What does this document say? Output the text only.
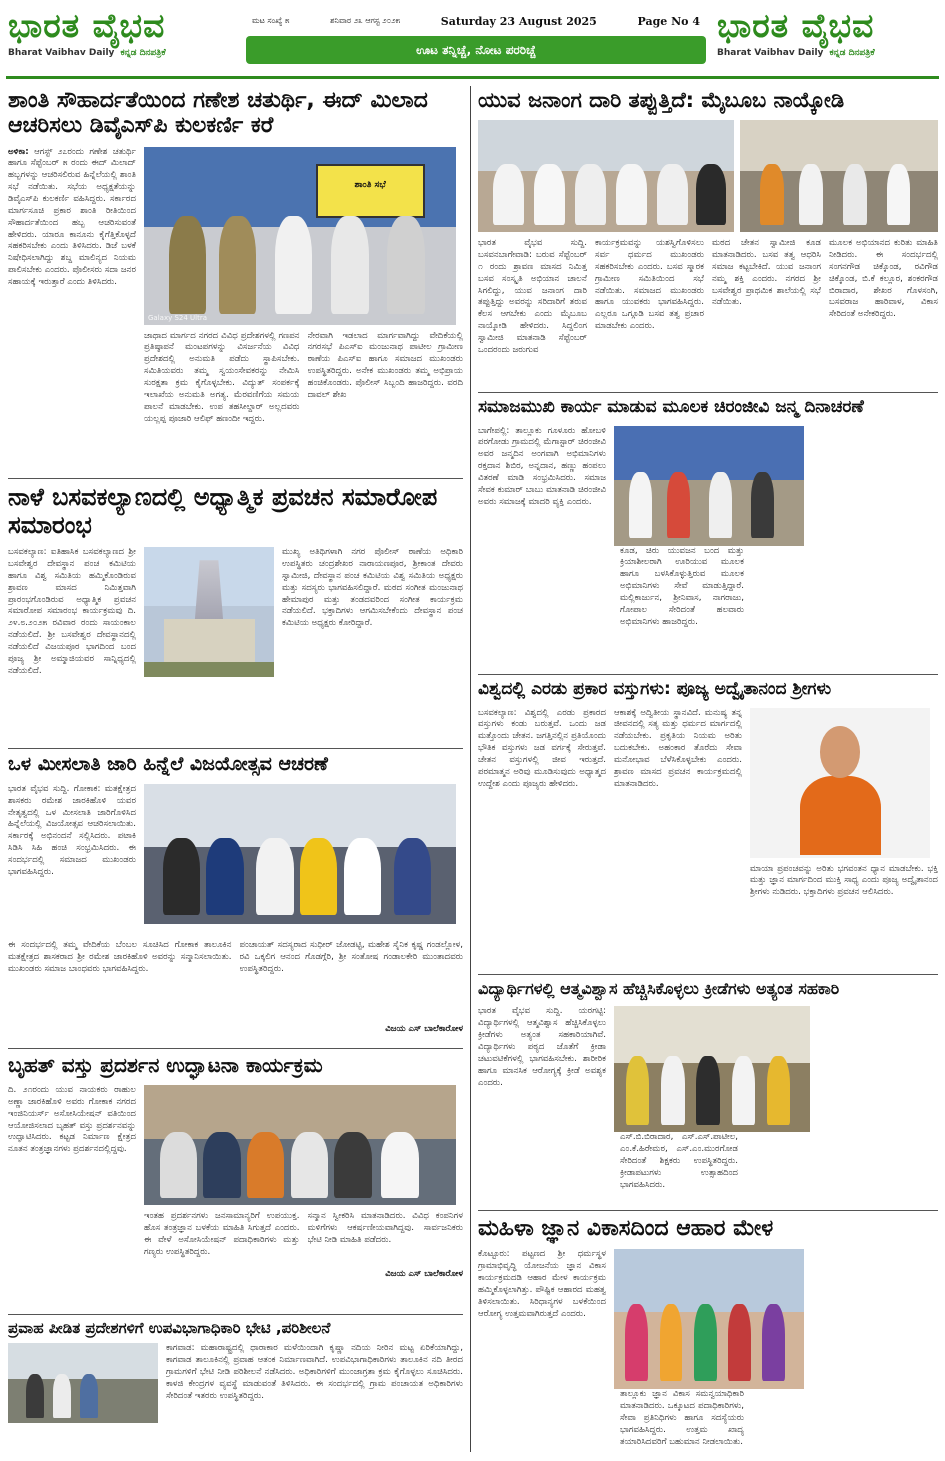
ಭಾರತ ವೈಭವ
Bharat Vaibhav Daily ಕನ್ನಡ ದಿನಪತ್ರಿಕೆ
ಮಟ ಸಂಖ್ಯೆ ೫	ಶನಿವಾರ ೨೩ ಆಗಸ್ಟ ೨೦೨೫	Saturday 23 August 2025	Page No 4
ಊಟ ತನ್ನಿಚ್ಚೆ, ನೋಟ ಪರರಿಚ್ಚೆ
ಭಾರತ ವೈಭವ
Bharat Vaibhav Daily ಕನ್ನಡ ದಿನಪತ್ರಿಕೆ
ಶಾಂತಿ ಸೌಹಾರ್ದತೆಯಿಂದ ಗಣೇಶ ಚತುರ್ಥಿ, ಈದ್ ಮಿಲಾದ ಆಚರಿಸಲು ಡಿವೈಎಸ್‌ಪಿ ಕುಲಕರ್ಣಿ ಕರೆ
ಅಳಿಕಾ: ಆಗಸ್ಟ್ ೨೭ರಂದು ಗಣೇಶ ಚತುರ್ಥಿ ಹಾಗೂ ಸೆಪ್ಟೆಂಬರ್ ೫ ರಂದು ಈದ್ ಮಿಲಾದ್ ಹಬ್ಬಗಳನ್ನು ಆಚರಿಸಲಿರುವ ಹಿನ್ನೆಲೆಯಲ್ಲಿ ಶಾಂತಿ ಸಭೆ ನಡೆಯಿತು. ಸಭೆಯ ಅಧ್ಯಕ್ಷತೆಯನ್ನು ಡಿವೈಎಸ್‌ಪಿ ಕುಲಕರ್ಣಿ ವಹಿಸಿದ್ದರು. ಸರ್ಕಾರದ ಮಾರ್ಗಸೂಚಿ ಪ್ರಕಾರ ಶಾಂತಿ ರೀತಿಯಿಂದ ಸೌಹಾರ್ದತೆಯಿಂದ ಹಬ್ಬ ಆಚರಿಸುವಂತೆ ಹೇಳಿದರು. ಯಾರೂ ಕಾನೂನು ಕೈಗೆತ್ತಿಕೊಳ್ಳದೆ ಸಹಕರಿಸಬೇಕು ಎಂದು ತಿಳಿಸಿದರು. ಡಿಜೆ ಬಳಕೆ ನಿಷೇಧಿಸಲಾಗಿದ್ದು ಶಬ್ದ ಮಾಲಿನ್ಯದ ನಿಯಮ ಪಾಲಿಸಬೇಕು ಎಂದರು. ಪೊಲೀಸರು ಸದಾ ಜನರ ಸಹಾಯಕ್ಕೆ ಇರುತ್ತಾರೆ ಎಂದು ತಿಳಿಸಿದರು.
ಶಾಂತಿ ಸಭೆ
Galaxy S24 Ultra
ಜಾಥಾದ ಮಾರ್ಗದ ನಗರದ ವಿವಿಧ ಪ್ರದೇಶಗಳಲ್ಲಿ ಗಣಪನ ಪ್ರತಿಷ್ಠಾಪನೆ ಮಂಟಪಗಳನ್ನು ವಿಸರ್ಜನೆಯ ವಿವಿಧ ಪ್ರದೇಶದಲ್ಲಿ ಅನುಮತಿ ಪಡೆದು ಸ್ಥಾಪಿಸಬೇಕು. ಸಮಿತಿಯವರು ತಮ್ಮ ಸ್ವಯಂಸೇವಕರನ್ನು ನೇಮಿಸಿ ಸುರಕ್ಷತಾ ಕ್ರಮ ಕೈಗೊಳ್ಳಬೇಕು. ವಿದ್ಯುತ್ ಸಂಪರ್ಕಕ್ಕೆ ಇಲಾಖೆಯ ಅನುಮತಿ ಅಗತ್ಯ. ಮೆರವಣಿಗೆಯ ಸಮಯ ಪಾಲನೆ ಮಾಡಬೇಕು. ಉಪ ತಹಸೀಲ್ದಾರ್ ಅಲ್ಲದವರು ಯಲ್ಲಪ್ಪ ಪೂಜಾರಿ ಆಲಿಫ್ ಹಣಂದೀ ಇದ್ದರು.
ನೇರವಾಗಿ ಇಡಲಾದ ಮಾರ್ಗವಾಗಿದ್ದು ವೇದಿಕೆಯಲ್ಲಿ ನಗರಸಭೆ ಪಿಎಸ್‌ಐ ಮಂಜುನಾಥ ಪಾಟೀಲ ಗ್ರಾಮೀಣ ಠಾಣೆಯ ಪಿಎಸ್‌ಐ ಹಾಗೂ ಸಮಾಜದ ಮುಖಂಡರು ಉಪಸ್ಥಿತರಿದ್ದರು. ಅನೇಕ ಮುಖಂಡರು ತಮ್ಮ ಅಭಿಪ್ರಾಯ ಹಂಚಿಕೊಂಡರು. ಪೊಲೀಸ್ ಸಿಬ್ಬಂದಿ ಹಾಜರಿದ್ದರು. ವರದಿ ದಾವಲ್ ಶೇಖ
ನಾಳೆ ಬಸವಕಲ್ಯಾಣದಲ್ಲಿ ಅಧ್ಯಾತ್ಮಿಕ ಪ್ರವಚನ ಸಮಾರೋಪ ಸಮಾರಂಭ
ಬಸವಕಲ್ಯಾಣ: ಐತಿಹಾಸಿಕ ಬಸವಕಲ್ಯಾಣದ ಶ್ರೀ ಬಸವೇಶ್ವರ ದೇವಸ್ಥಾನ ಪಂಚ ಕಮಿಟಿಯ ಹಾಗೂ ವಿಶ್ವ ಸಮಿತಿಯ ಹಮ್ಮಿಕೊಂಡಿರುವ ಶ್ರಾವಣ ಮಾಸದ ನಿಮಿತ್ತವಾಗಿ ಪ್ರಾರಂಭಗೊಂಡಿರುವ ಅಧ್ಯಾತ್ಮಿಕ ಪ್ರವಚನ ಸಮಾರೋಪ ಸಮಾರಂಭ ಕಾರ್ಯಕ್ರಮವು ದಿ. ೨೪.೮.೨೦೨೫ ರವಿವಾರ ರಂದು ಸಾಯಂಕಾಲ ನಡೆಯಲಿದೆ. ಶ್ರೀ ಬಸವೇಶ್ವರ ದೇವಸ್ಥಾನದಲ್ಲಿ ನಡೆಯಲಿದೆ ವಿಜಯಪೂರ ಭಾಗದಿಂದ ಬಂದ ಪೂಜ್ಯ ಶ್ರೀ ಅಮ್ಮಾಜಿಯವರ ಸಾನ್ನಿಧ್ಯದಲ್ಲಿ ನಡೆಯಲಿದೆ.
ಮುಖ್ಯ ಅತಿಥಿಗಳಾಗಿ ನಗರ ಪೊಲೀಸ್ ಠಾಣೆಯ ಅಧಿಕಾರಿ ಉಪಸ್ಥಿತರು ಚಂದ್ರಶೇಖರ ನಾರಾಯಣಪೂರ, ಶ್ರೀಕಾಂತ ದೇವರು ಸ್ವಾಮೀಜಿ, ದೇವಸ್ಥಾನ ಪಂಚ ಕಮಿಟಿಯ ವಿಶ್ವ ಸಮಿತಿಯ ಅಧ್ಯಕ್ಷರು ಮತ್ತು ಸದಸ್ಯರು ಭಾಗವಹಿಸಲಿದ್ದಾರೆ. ಮಠದ ಸಂಗೀತ ಮಂಜುನಾಥ ಹೇಮಾಪುರ ಮತ್ತು ತಂಡದವರಿಂದ ಸಂಗೀತ ಕಾರ್ಯಕ್ರಮ ನಡೆಯಲಿದೆ. ಭಕ್ತಾದಿಗಳು ಆಗಮಿಸಬೇಕೆಂದು ದೇವಸ್ಥಾನ ಪಂಚ ಕಮಿಟಿಯ ಅಧ್ಯಕ್ಷರು ಕೋರಿದ್ದಾರೆ.
ಒಳ ಮೀಸಲಾತಿ ಜಾರಿ ಹಿನ್ನೆಲೆ ವಿಜಯೋತ್ಸವ ಆಚರಣೆ
ಭಾರತ ವೈಭವ ಸುದ್ದಿ. ಗೋಕಾಕ: ಮತಕ್ಷೇತ್ರದ ಶಾಸಕರು ರಮೇಶ ಜಾರಕಿಹೊಳಿ ಯವರ ನೇತೃತ್ವದಲ್ಲಿ ಒಳ ಮೀಸಲಾತಿ ಜಾರಿಗೊಳಿಸಿದ ಹಿನ್ನೆಲೆಯಲ್ಲಿ ವಿಜಯೋತ್ಸವ ಆಚರಿಸಲಾಯಿತು. ಸರ್ಕಾರಕ್ಕೆ ಅಭಿನಂದನೆ ಸಲ್ಲಿಸಿದರು. ಪಟಾಕಿ ಸಿಡಿಸಿ ಸಿಹಿ ಹಂಚಿ ಸಂಭ್ರಮಿಸಿದರು. ಈ ಸಂದರ್ಭದಲ್ಲಿ ಸಮಾಜದ ಮುಖಂಡರು ಭಾಗವಹಿಸಿದ್ದರು.
ಈ ಸಂದರ್ಭದಲ್ಲಿ ತಮ್ಮ ವೇದಿಕೆಯ ಬೆಂಬಲ ಸೂಚಿಸಿದ ಗೋಕಾಕ ತಾಲೂಕಿನ ಮತಕ್ಷೇತ್ರದ ಶಾಸಕರಾದ ಶ್ರೀ ರಮೇಶ ಜಾರಕಿಹೊಳಿ ಅವರನ್ನು ಸನ್ಮಾನಿಸಲಾಯಿತು. ಮುಖಂಡರು ಸಮಾಜ ಬಾಂಧವರು ಭಾಗವಹಿಸಿದ್ದರು.
ಪಂಚಾಯತ್ ಸದಸ್ಯರಾದ ಸುಧೀರ್ ಜೋಡಟ್ಟಿ, ಮಹೇಶ ಸೈನಿಕ ಕೃಷ್ಣ ಗಂಡಲ್ಲೋಳ, ರವಿ ಒಕ್ಕಲಿಗ ಆನಂದ ಗೊಡಗ್ಗೆರಿ, ಶ್ರೀ ಸಂತೋಷ ಗಂಡಾಲಕೇರಿ ಮುಂತಾದವರು ಉಪಸ್ಥಿತರಿದ್ದರು.
ವಿಜಯ ಎಸ್ ಬಾಲೆಕಾರೋಳ
ಬೃಹತ್ ವಸ್ತು ಪ್ರದರ್ಶನ ಉದ್ಘಾಟನಾ ಕಾರ್ಯಕ್ರಮ
ದಿ. ೨೧ರಂದು ಯುವ ನಾಯಕರು ರಾಹುಲ ಅಣ್ಣಾ ಜಾರಕಿಹೊಳಿ ಅವರು ಗೋಕಾಕ ನಗರದ ಇಂಜಿನಿಯರ್ಸ್ ಅಸೋಸಿಯೇಷನ್ ವತಿಯಿಂದ ಆಯೋಜಿಸಲಾದ ಬೃಹತ್ ವಸ್ತು ಪ್ರದರ್ಶನವನ್ನು ಉದ್ಘಾಟಿಸಿದರು. ಕಟ್ಟಡ ನಿರ್ಮಾಣ ಕ್ಷೇತ್ರದ ನೂತನ ತಂತ್ರಜ್ಞಾನಗಳು ಪ್ರದರ್ಶನದಲ್ಲಿದ್ದವು.
ಇಂತಹ ಪ್ರದರ್ಶನಗಳು ಜನಸಾಮಾನ್ಯರಿಗೆ ಉಪಯುಕ್ತ. ಹೊಸ ತಂತ್ರಜ್ಞಾನ ಬಳಕೆಯ ಮಾಹಿತಿ ಸಿಗುತ್ತದೆ ಎಂದರು. ಈ ವೇಳೆ ಅಸೋಸಿಯೇಷನ್ ಪದಾಧಿಕಾರಿಗಳು ಮತ್ತು ಗಣ್ಯರು ಉಪಸ್ಥಿತರಿದ್ದರು.
ಸನ್ಮಾನ ಸ್ವೀಕರಿಸಿ ಮಾತನಾಡಿದರು. ವಿವಿಧ ಕಂಪನಿಗಳ ಮಳಿಗೆಗಳು ಆಕರ್ಷಣೀಯವಾಗಿದ್ದವು. ಸಾರ್ವಜನಿಕರು ಭೇಟಿ ನೀಡಿ ಮಾಹಿತಿ ಪಡೆದರು.
ವಿಜಯ ಎಸ್ ಬಾಲೆಕಾರೋಳ
ಪ್ರವಾಹ ಪೀಡಿತ ಪ್ರದೇಶಗಳಿಗೆ ಉಪವಿಭಾಗಾಧಿಕಾರಿ ಭೇಟಿ ,ಪರಿಶೀಲನೆ
ಕಾಗವಾಡ: ಮಹಾರಾಷ್ಟ್ರದಲ್ಲಿ ಧಾರಾಕಾರ ಮಳೆಯಿಂದಾಗಿ ಕೃಷ್ಣಾ ನದಿಯ ನೀರಿನ ಮಟ್ಟ ಏರಿಕೆಯಾಗಿದ್ದು, ಕಾಗವಾಡ ತಾಲೂಕಿನಲ್ಲಿ ಪ್ರವಾಹ ಆತಂಕ ನಿರ್ಮಾಣವಾಗಿದೆ. ಉಪವಿಭಾಗಾಧಿಕಾರಿಗಳು ತಾಲೂಕಿನ ನದಿ ತೀರದ ಗ್ರಾಮಗಳಿಗೆ ಭೇಟಿ ನೀಡಿ ಪರಿಶೀಲನೆ ನಡೆಸಿದರು. ಅಧಿಕಾರಿಗಳಿಗೆ ಮುಂಜಾಗ್ರತಾ ಕ್ರಮ ಕೈಗೊಳ್ಳಲು ಸೂಚಿಸಿದರು. ಕಾಳಜಿ ಕೇಂದ್ರಗಳ ವ್ಯವಸ್ಥೆ ಮಾಡುವಂತೆ ತಿಳಿಸಿದರು. ಈ ಸಂದರ್ಭದಲ್ಲಿ ಗ್ರಾಮ ಪಂಚಾಯತ ಅಧಿಕಾರಿಗಳು ಸೇರಿದಂತೆ ಇತರರು ಉಪಸ್ಥಿತರಿದ್ದರು.
ಯುವ ಜನಾಂಗ ದಾರಿ ತಪ್ಪುತ್ತಿದೆ: ಮೈಬೂಬ ನಾಯ್ಕೋಡಿ
ಭಾರತ ವೈಭವ ಸುದ್ದಿ. ಬಸವನಬಾಗೇವಾಡಿ: ಬರುವ ಸೆಪ್ಟೆಂಬರ್ ೧ ರಂದು ಶ್ರಾವಣ ಮಾಸದ ನಿಮಿತ್ತ ಬಸವ ಸಂಸ್ಕೃತಿ ಅಭಿಯಾನ ಚಾಲನೆ ಸಿಗಲಿದ್ದು, ಯುವ ಜನಾಂಗ ದಾರಿ ತಪ್ಪುತ್ತಿದ್ದು ಅವರನ್ನು ಸರಿದಾರಿಗೆ ತರುವ ಕೆಲಸ ಆಗಬೇಕು ಎಂದು ಮೈಬೂಬ ನಾಯ್ಕೋಡಿ ಹೇಳಿದರು. ಸಿದ್ದಲಿಂಗ ಸ್ವಾಮೀಜಿ ಮಾತನಾಡಿ ಸೆಪ್ಟೆಂಬರ್ ಒಂದರಂದು ಜರುಗುವ
ಕಾರ್ಯಕ್ರಮವನ್ನು ಯಶಸ್ವಿಗೊಳಿಸಲು ಸರ್ವ ಧರ್ಮದ ಮುಖಂಡರು ಸಹಕರಿಸಬೇಕು ಎಂದರು. ಬಸವ ಸ್ಮಾರಕ ಗ್ರಾಮೀಣ ಸಮಿತಿಯಿಂದ ಸಭೆ ನಡೆಯಿತು. ಸಮಾಜದ ಮುಖಂಡರು ಹಾಗೂ ಯುವಕರು ಭಾಗವಹಿಸಿದ್ದರು. ಎಲ್ಲರೂ ಒಗ್ಗೂಡಿ ಬಸವ ತತ್ವ ಪ್ರಚಾರ ಮಾಡಬೇಕು ಎಂದರು.
ಮಠದ ಚೇತನ ಸ್ವಾಮೀಜಿ ಕೂಡ ಮಾತನಾಡಿದರು. ಬಸವ ತತ್ವ ಆಧರಿಸಿ ಸಮಾಜ ಕಟ್ಟಬೇಕಿದೆ. ಯುವ ಜನಾಂಗ ನಮ್ಮ ಶಕ್ತಿ ಎಂದರು. ನಗರದ ಶ್ರೀ ಬಸವೇಶ್ವರ ಪ್ರಾಥಮಿಕ ಶಾಲೆಯಲ್ಲಿ ಸಭೆ ನಡೆಯಿತು.
ಮೂಲಕ ಅಭಿಯಾನದ ಕುರಿತು ಮಾಹಿತಿ ನೀಡಿದರು. ಈ ಸಂದರ್ಭದಲ್ಲಿ ಸಂಗನಗೌಡ ಚಿಕ್ಕೊಂಡ, ರವಿಗೌಡ ಚಿಕ್ಕೊಂಡ, ಬಿ.ಕೆ ಕಲ್ಲೂರ, ಶಂಕರಗೌಡ ಬಿರಾದಾರ, ಶೇಖರ ಗೊಳಸಂಗಿ, ಬಸವರಾಜ ಹಾರಿವಾಳ, ವಿಕಾಸ ಸೇರಿದಂತೆ ಅನೇಕರಿದ್ದರು.
ಸಮಾಜಮುಖಿ ಕಾರ್ಯ ಮಾಡುವ ಮೂಲಕ ಚಿರಂಜೀವಿ ಜನ್ಮ ದಿನಾಚರಣೆ
ಬಾಗೇಪಲ್ಲಿ: ತಾಲ್ಲೂಕು ಗೂಳೂರು ಹೋಬಳಿ ಪರಗೋಡು ಗ್ರಾಮದಲ್ಲಿ ಮೆಗಾಸ್ಟಾರ್ ಚಿರಂಜೀವಿ ಅವರ ಜನ್ಮದಿನ ಅಂಗವಾಗಿ ಅಭಿಮಾನಿಗಳು ರಕ್ತದಾನ ಶಿಬಿರ, ಅನ್ನದಾನ, ಹಣ್ಣು ಹಂಪಲು ವಿತರಣೆ ಮಾಡಿ ಸಂಭ್ರಮಿಸಿದರು. ಸಮಾಜ ಸೇವಕ ಕುಮಾರ್ ಬಾಬು ಮಾತನಾಡಿ ಚಿರಂಜೀವಿ ಅವರು ಸಮಾಜಕ್ಕೆ ಮಾದರಿ ವ್ಯಕ್ತಿ ಎಂದರು.
ಕೂಡ, ಚಿರು ಯುವಜನ ಬಂದ ಮತ್ತು ಕ್ರಿಯಾಶೀಲರಾಗಿ ಊರಿಯುವ ಮೂಲಕ ಹಾಗೂ ಬಳಸಿಕೊಳ್ಳುತ್ತಿರುವ ಮೂಲಕ ಅಭಿಮಾನಿಗಳು ಸೇವೆ ಮಾಡುತ್ತಿದ್ದಾರೆ. ಮಲ್ಲಿಕಾರ್ಜುನ, ಶ್ರೀನಿವಾಸ, ನಾಗರಾಜು, ಗೋಪಾಲ ಸೇರಿದಂತೆ ಹಲವಾರು ಅಭಿಮಾನಿಗಳು ಹಾಜರಿದ್ದರು.
ವಿಶ್ವದಲ್ಲಿ ಎರಡು ಪ್ರಕಾರ ವಸ್ತುಗಳು: ಪೂಜ್ಯ ಅದ್ವೈತಾನಂದ ಶ್ರೀಗಳು
ಬಸವಕಲ್ಯಾಣ: ವಿಶ್ವದಲ್ಲಿ ಎರಡು ಪ್ರಕಾರದ ವಸ್ತುಗಳು ಕಂಡು ಬರುತ್ತವೆ. ಒಂದು ಜಡ ಮತ್ತೊಂದು ಚೇತನ. ಜಗತ್ತಿನಲ್ಲಿನ ಪ್ರತಿಯೊಂದು ಭೌತಿಕ ವಸ್ತುಗಳು ಜಡ ವರ್ಗಕ್ಕೆ ಸೇರುತ್ತವೆ. ಚೇತನ ವಸ್ತುಗಳಲ್ಲಿ ಜೀವ ಇರುತ್ತದೆ. ಪರಮಾತ್ಮನ ಅರಿವು ಮೂಡಿಸುವುದು ಅಧ್ಯಾತ್ಮದ ಉದ್ದೇಶ ಎಂದು ಪೂಜ್ಯರು ಹೇಳಿದರು.
ಆಕಾಶಕ್ಕೆ ಅದ್ವಿತೀಯ ಸ್ಥಾನವಿದೆ. ಮನುಷ್ಯ ತನ್ನ ಜೀವನದಲ್ಲಿ ಸತ್ಯ ಮತ್ತು ಧರ್ಮದ ಮಾರ್ಗದಲ್ಲಿ ನಡೆಯಬೇಕು. ಪ್ರಕೃತಿಯ ನಿಯಮ ಅರಿತು ಬದುಕಬೇಕು. ಅಹಂಕಾರ ತೊರೆದು ಸೇವಾ ಮನೋಭಾವ ಬೆಳೆಸಿಕೊಳ್ಳಬೇಕು ಎಂದರು. ಶ್ರಾವಣ ಮಾಸದ ಪ್ರವಚನ ಕಾರ್ಯಕ್ರಮದಲ್ಲಿ ಮಾತನಾಡಿದರು.
ಮಾಯಾ ಪ್ರಪಂಚವನ್ನು ಅರಿತು ಭಗವಂತನ ಧ್ಯಾನ ಮಾಡಬೇಕು. ಭಕ್ತಿ ಮತ್ತು ಜ್ಞಾನ ಮಾರ್ಗದಿಂದ ಮುಕ್ತಿ ಸಾಧ್ಯ ಎಂದು ಪೂಜ್ಯ ಅದ್ವೈತಾನಂದ ಶ್ರೀಗಳು ನುಡಿದರು. ಭಕ್ತಾದಿಗಳು ಪ್ರವಚನ ಆಲಿಸಿದರು.
ವಿದ್ಯಾರ್ಥಿಗಳಲ್ಲಿ ಆತ್ಮವಿಶ್ವಾಸ ಹೆಚ್ಚಿಸಿಕೊಳ್ಳಲು ಕ್ರೀಡೆಗಳು ಅತ್ಯಂತ ಸಹಕಾರಿ
ಭಾರತ ವೈಭವ ಸುದ್ದಿ. ಯರಗಟ್ಟಿ: ವಿದ್ಯಾರ್ಥಿಗಳಲ್ಲಿ ಆತ್ಮವಿಶ್ವಾಸ ಹೆಚ್ಚಿಸಿಕೊಳ್ಳಲು ಕ್ರೀಡೆಗಳು ಅತ್ಯಂತ ಸಹಕಾರಿಯಾಗಿವೆ. ವಿದ್ಯಾರ್ಥಿಗಳು ಪಠ್ಯದ ಜೊತೆಗೆ ಕ್ರೀಡಾ ಚಟುವಟಿಕೆಗಳಲ್ಲಿ ಭಾಗವಹಿಸಬೇಕು. ಶಾರೀರಿಕ ಹಾಗೂ ಮಾನಸಿಕ ಆರೋಗ್ಯಕ್ಕೆ ಕ್ರೀಡೆ ಅವಶ್ಯಕ ಎಂದರು.
ಎಸ್.ಬಿ.ಬಿರಾದಾರ, ಎಸ್.ಎಸ್.ಪಾಟೀಲ, ಎಂ.ಕೆ.ಹಿರೇಮಠ, ಎಸ್.ಎಂ.ಮುರಗೋಡ ಸೇರಿದಂತೆ ಶಿಕ್ಷಕರು ಉಪಸ್ಥಿತರಿದ್ದರು. ಕ್ರೀಡಾಪಟುಗಳು ಉತ್ಸಾಹದಿಂದ ಭಾಗವಹಿಸಿದರು.
ಮಹಿಳಾ ಜ್ಞಾನ ವಿಕಾಸದಿಂದ ಆಹಾರ ಮೇಳ
ಕೊಟ್ಟೂರು: ಪಟ್ಟಣದ ಶ್ರೀ ಧರ್ಮಸ್ಥಳ ಗ್ರಾಮಾಭಿವೃದ್ಧಿ ಯೋಜನೆಯ ಜ್ಞಾನ ವಿಕಾಸ ಕಾರ್ಯಕ್ರಮದಡಿ ಆಹಾರ ಮೇಳ ಕಾರ್ಯಕ್ರಮ ಹಮ್ಮಿಕೊಳ್ಳಲಾಗಿತ್ತು. ಪೌಷ್ಟಿಕ ಆಹಾರದ ಮಹತ್ವ ತಿಳಿಸಲಾಯಿತು. ಸಿರಿಧಾನ್ಯಗಳ ಬಳಕೆಯಿಂದ ಆರೋಗ್ಯ ಉತ್ತಮವಾಗಿರುತ್ತದೆ ಎಂದರು.
ತಾಲ್ಲೂಕು ಜ್ಞಾನ ವಿಕಾಸ ಸಮನ್ವಯಾಧಿಕಾರಿ ಮಾತನಾಡಿದರು. ಒಕ್ಕೂಟದ ಪದಾಧಿಕಾರಿಗಳು, ಸೇವಾ ಪ್ರತಿನಿಧಿಗಳು ಹಾಗೂ ಸದಸ್ಯೆಯರು ಭಾಗವಹಿಸಿದ್ದರು. ಉತ್ತಮ ಖಾದ್ಯ ತಯಾರಿಸಿದವರಿಗೆ ಬಹುಮಾನ ನೀಡಲಾಯಿತು.
